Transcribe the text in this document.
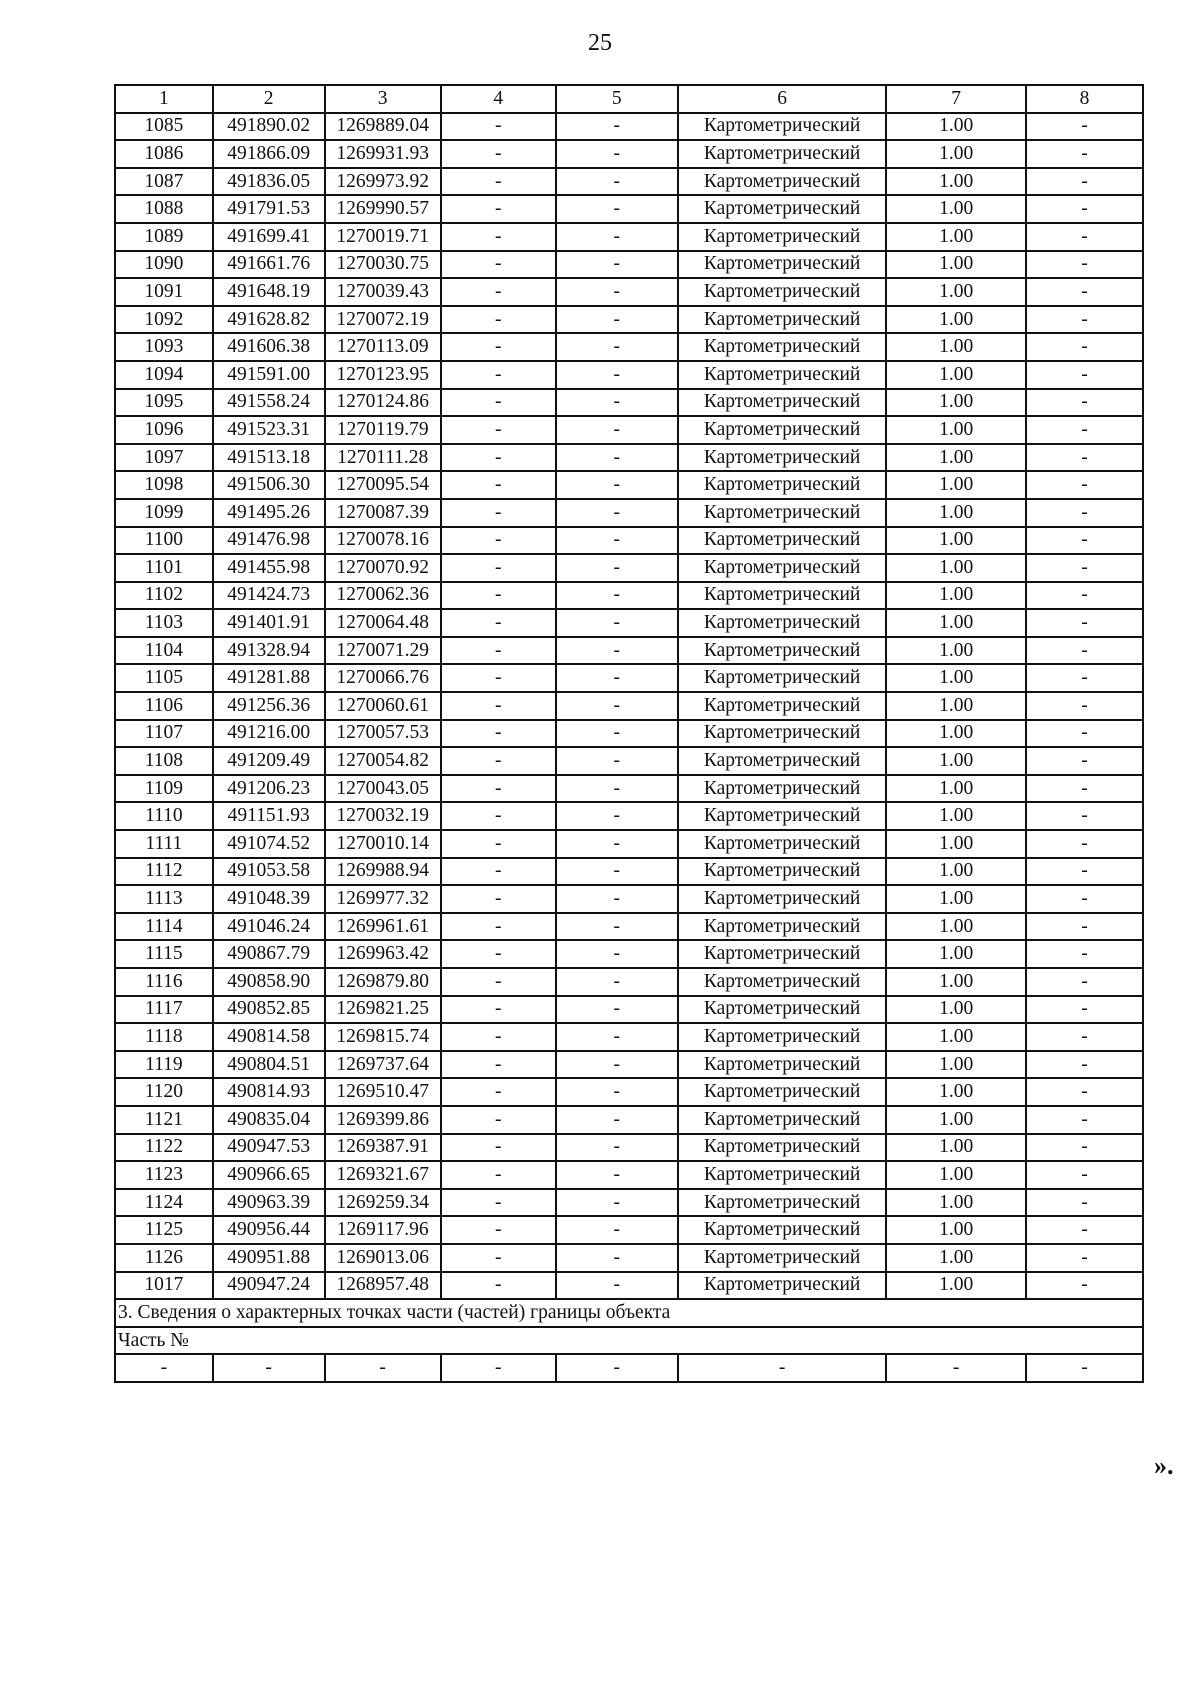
25
1	2	3	4	5	6	7	8
1085	491890.02	1269889.04	-	-	Картометрический	1.00	-
1086	491866.09	1269931.93	-	-	Картометрический	1.00	-
1087	491836.05	1269973.92	-	-	Картометрический	1.00	-
1088	491791.53	1269990.57	-	-	Картометрический	1.00	-
1089	491699.41	1270019.71	-	-	Картометрический	1.00	-
1090	491661.76	1270030.75	-	-	Картометрический	1.00	-
1091	491648.19	1270039.43	-	-	Картометрический	1.00	-
1092	491628.82	1270072.19	-	-	Картометрический	1.00	-
1093	491606.38	1270113.09	-	-	Картометрический	1.00	-
1094	491591.00	1270123.95	-	-	Картометрический	1.00	-
1095	491558.24	1270124.86	-	-	Картометрический	1.00	-
1096	491523.31	1270119.79	-	-	Картометрический	1.00	-
1097	491513.18	1270111.28	-	-	Картометрический	1.00	-
1098	491506.30	1270095.54	-	-	Картометрический	1.00	-
1099	491495.26	1270087.39	-	-	Картометрический	1.00	-
1100	491476.98	1270078.16	-	-	Картометрический	1.00	-
1101	491455.98	1270070.92	-	-	Картометрический	1.00	-
1102	491424.73	1270062.36	-	-	Картометрический	1.00	-
1103	491401.91	1270064.48	-	-	Картометрический	1.00	-
1104	491328.94	1270071.29	-	-	Картометрический	1.00	-
1105	491281.88	1270066.76	-	-	Картометрический	1.00	-
1106	491256.36	1270060.61	-	-	Картометрический	1.00	-
1107	491216.00	1270057.53	-	-	Картометрический	1.00	-
1108	491209.49	1270054.82	-	-	Картометрический	1.00	-
1109	491206.23	1270043.05	-	-	Картометрический	1.00	-
1110	491151.93	1270032.19	-	-	Картометрический	1.00	-
1111	491074.52	1270010.14	-	-	Картометрический	1.00	-
1112	491053.58	1269988.94	-	-	Картометрический	1.00	-
1113	491048.39	1269977.32	-	-	Картометрический	1.00	-
1114	491046.24	1269961.61	-	-	Картометрический	1.00	-
1115	490867.79	1269963.42	-	-	Картометрический	1.00	-
1116	490858.90	1269879.80	-	-	Картометрический	1.00	-
1117	490852.85	1269821.25	-	-	Картометрический	1.00	-
1118	490814.58	1269815.74	-	-	Картометрический	1.00	-
1119	490804.51	1269737.64	-	-	Картометрический	1.00	-
1120	490814.93	1269510.47	-	-	Картометрический	1.00	-
1121	490835.04	1269399.86	-	-	Картометрический	1.00	-
1122	490947.53	1269387.91	-	-	Картометрический	1.00	-
1123	490966.65	1269321.67	-	-	Картометрический	1.00	-
1124	490963.39	1269259.34	-	-	Картометрический	1.00	-
1125	490956.44	1269117.96	-	-	Картометрический	1.00	-
1126	490951.88	1269013.06	-	-	Картометрический	1.00	-
1017	490947.24	1268957.48	-	-	Картометрический	1.00	-
3. Сведения о характерных точках части (частей) границы объекта							
Часть №							
-	-	-	-	-	-	-	-
».
